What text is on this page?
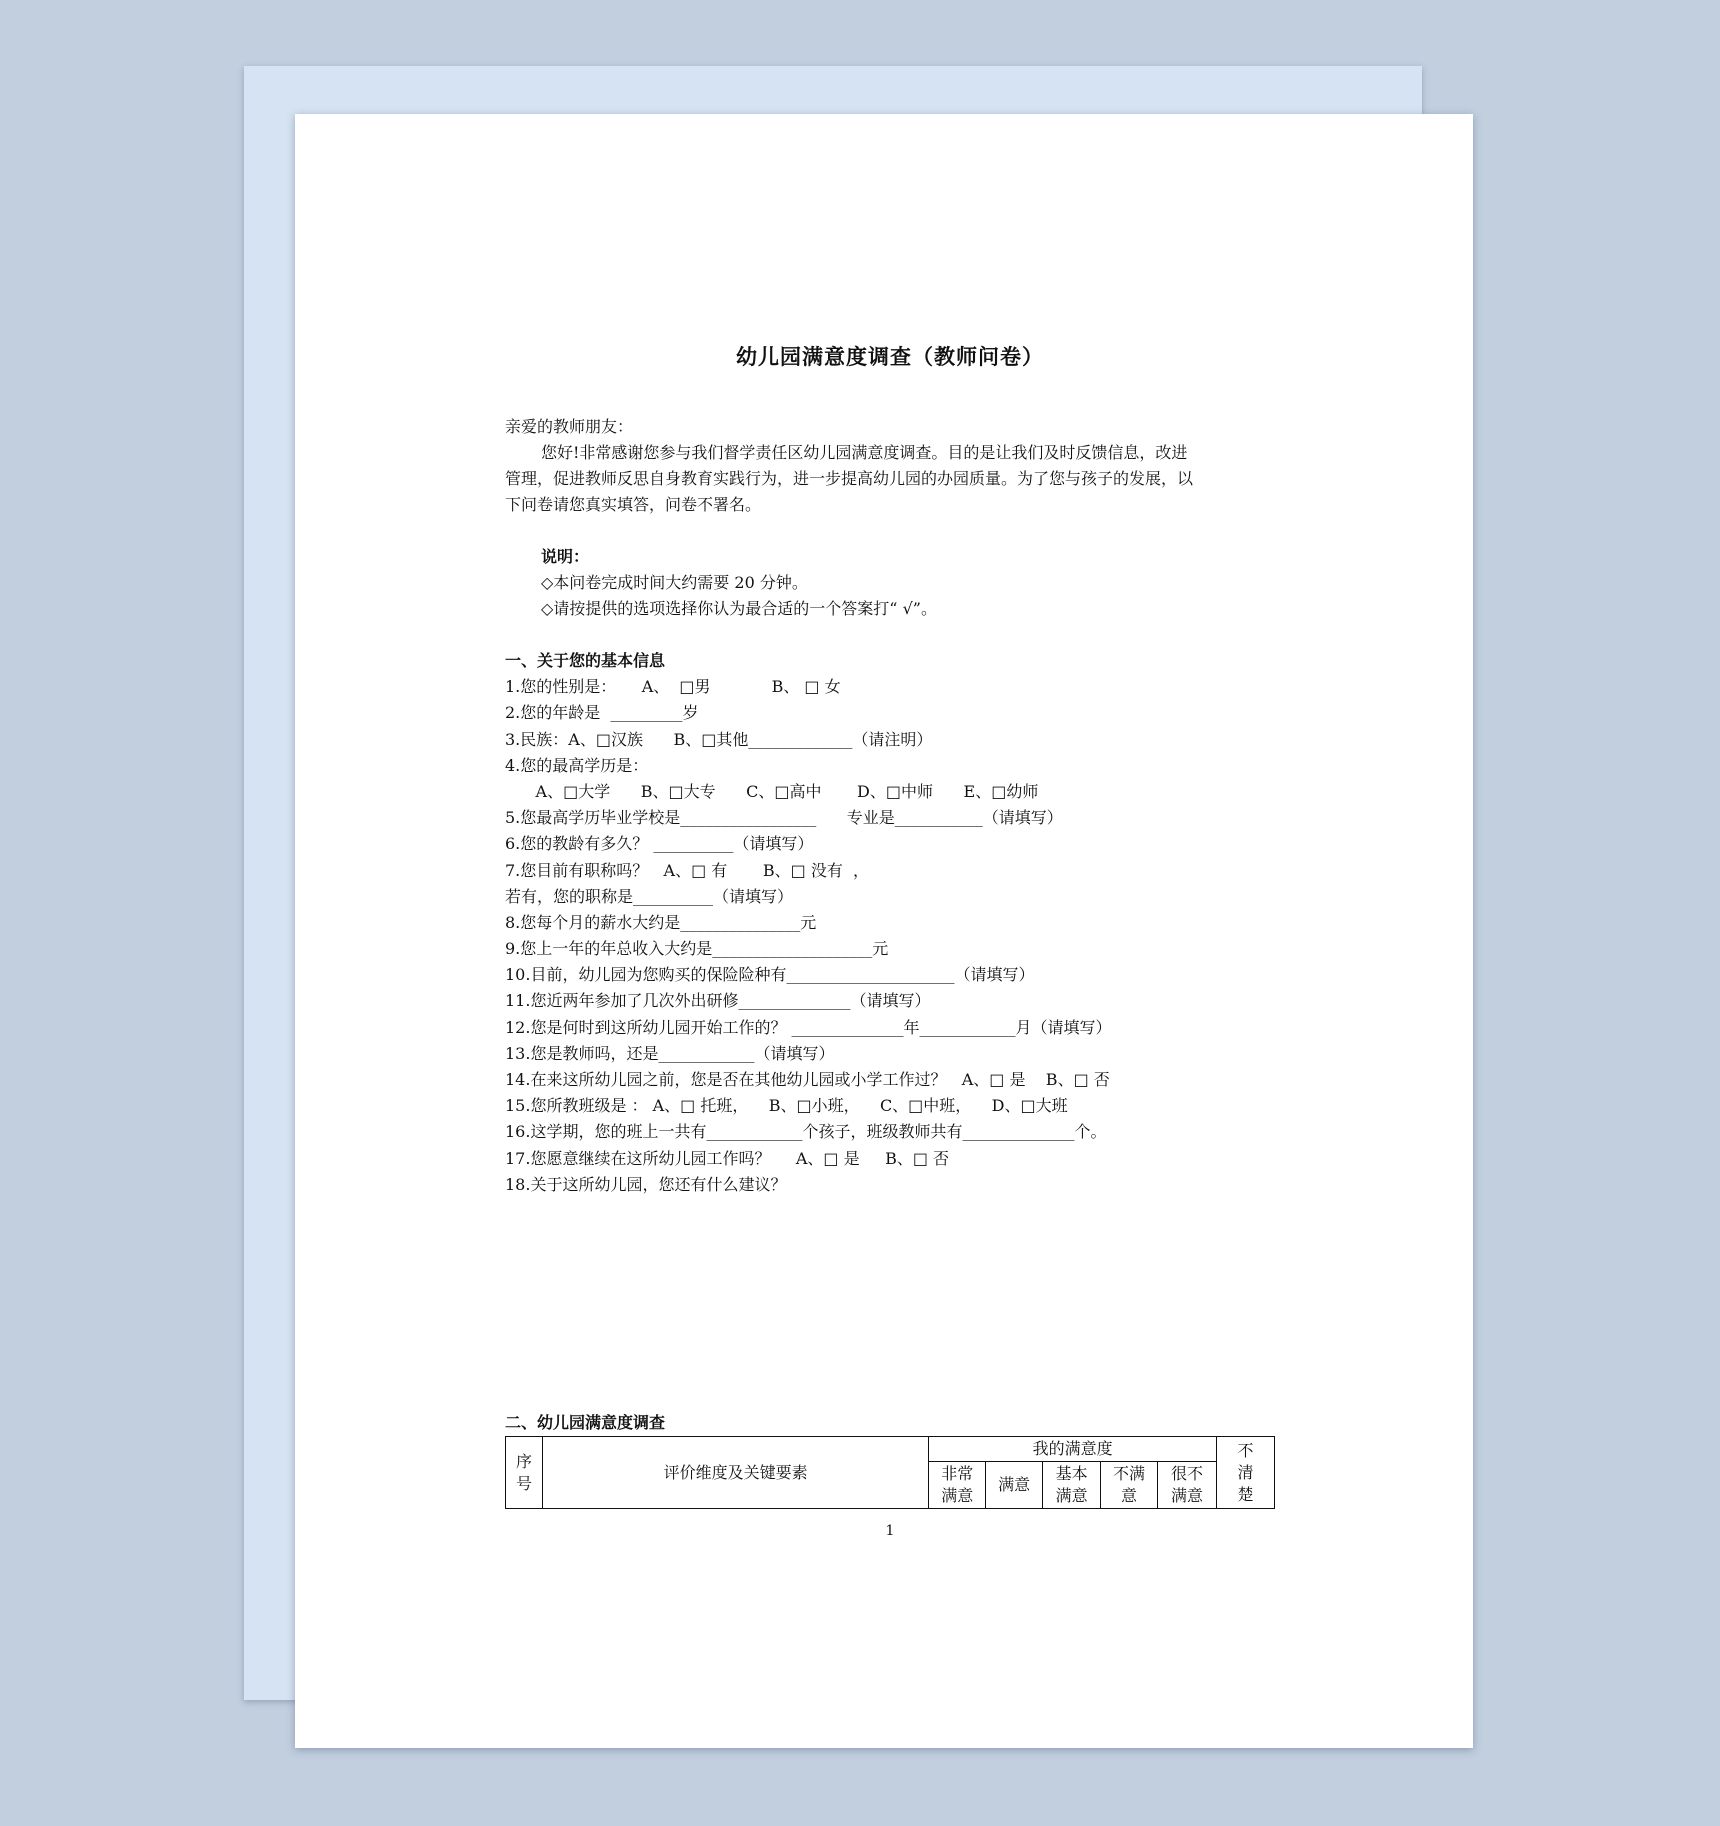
幼儿园满意度调查（教师问卷）
亲爱的教师朋友：
您好!非常感谢您参与我们督学责任区幼儿园满意度调查。目的是让我们及时反馈信息，改进
管理，促进教师反思自身教育实践行为，进一步提高幼儿园的办园质量。为了您与孩子的发展，以
下问卷请您真实填答，问卷不署名。
说明：
◇本问卷完成时间大约需要 20 分钟。
◇请按提供的选项选择你认为最合适的一个答案打“ √”。
一、关于您的基本信息
1.您的性别是：     A、  □男            B、 □ 女
2.您的年龄是  _________岁
3.民族：A、□汉族      B、□其他_____________（请注明）
4.您的最高学历是：
A、□大学      B、□大专      C、□高中       D、□中师      E、□幼师
5.您最高学历毕业学校是_________________      专业是___________（请填写）
6.您的教龄有多久？ __________（请填写）
7.您目前有职称吗？   A、□ 有       B、□ 没有  ，
若有，您的职称是__________（请填写）
8.您每个月的薪水大约是_______________元
9.您上一年的年总收入大约是____________________元
10.目前，幼儿园为您购买的保险险种有_____________________（请填写）
11.您近两年参加了几次外出研修______________（请填写）
12.您是何时到这所幼儿园开始工作的？ ______________年____________月（请填写）
13.您是教师吗，还是____________（请填写）
14.在来这所幼儿园之前，您是否在其他幼儿园或小学工作过？   A、□ 是    B、□ 否
15.您所教班级是 ： A、□ 托班，    B、□小班，    C、□中班，    D、□大班
16.这学期，您的班上一共有____________个孩子，班级教师共有______________个。
17.您愿意继续在这所幼儿园工作吗？     A、□ 是     B、□ 否
18.关于这所幼儿园，您还有什么建议？
二、幼儿园满意度调查
序号	评价维度及关键要素	我的满意度					不清楚
		非常满意	满意	基本满意	不满意	很不满意	
1
